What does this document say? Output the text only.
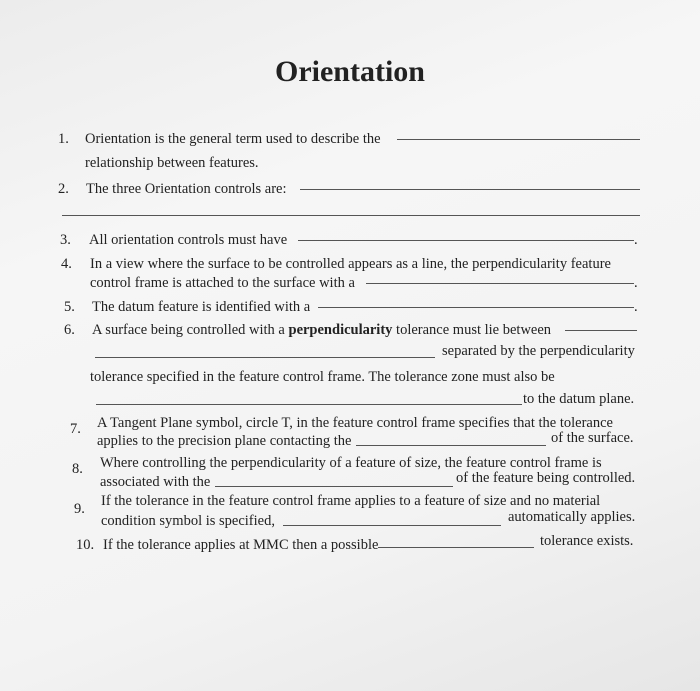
Orientation
1. Orientation is the general term used to describe the
relationship between features.
2. The three Orientation controls are:
3. All orientation controls must have	.
4. In a view where the surface to be controlled appears as a line, the perpendicularity feature
control frame is attached to the surface with a	.
5. The datum feature is identified with a	.
6. A surface being controlled with a perpendicularity tolerance must lie between
separated by the perpendicularity
tolerance specified in the feature control frame. The tolerance zone must also be
to the datum plane.
7. A Tangent Plane symbol, circle T, in the feature control frame specifies that the tolerance
applies to the precision plane contacting the	of the surface.
8. Where controlling the perpendicularity of a feature of size, the feature control frame is
associated with the	of the feature being controlled.
9. If the tolerance in the feature control frame applies to a feature of size and no material
condition symbol is specified,	automatically applies.
10. If the tolerance applies at MMC then a possible	tolerance exists.
